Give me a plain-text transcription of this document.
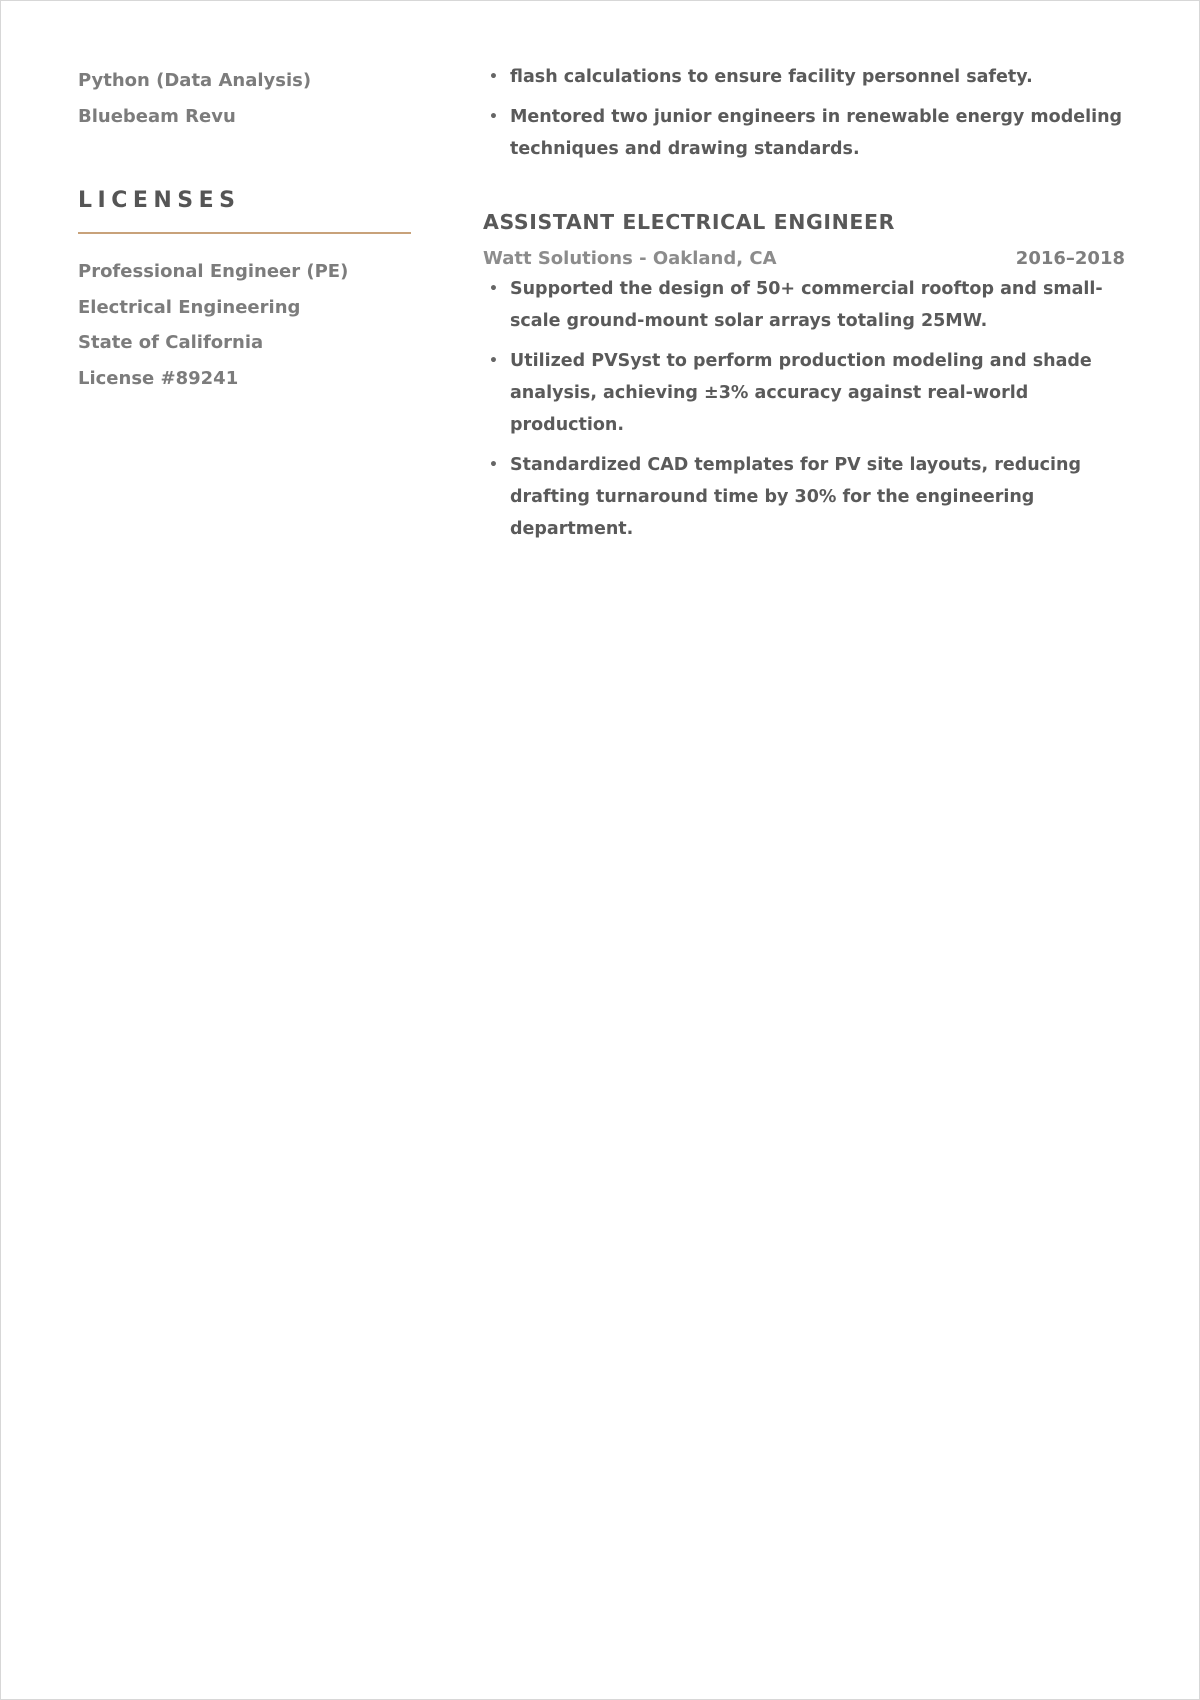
Python (Data Analysis)
Bluebeam Revu
LICENSES
Professional Engineer (PE)
Electrical Engineering
State of California
License #89241
• flash calculations to ensure facility personnel safety.
• Mentored two junior engineers in renewable energy modeling techniques and drawing standards.
ASSISTANT ELECTRICAL ENGINEER
Watt Solutions - Oakland, CA	2016–2018
• Supported the design of 50+ commercial rooftop and small-scale ground-mount solar arrays totaling 25MW.
• Utilized PVSyst to perform production modeling and shade analysis, achieving ±3% accuracy against real-world production.
• Standardized CAD templates for PV site layouts, reducing drafting turnaround time by 30% for the engineering department.
